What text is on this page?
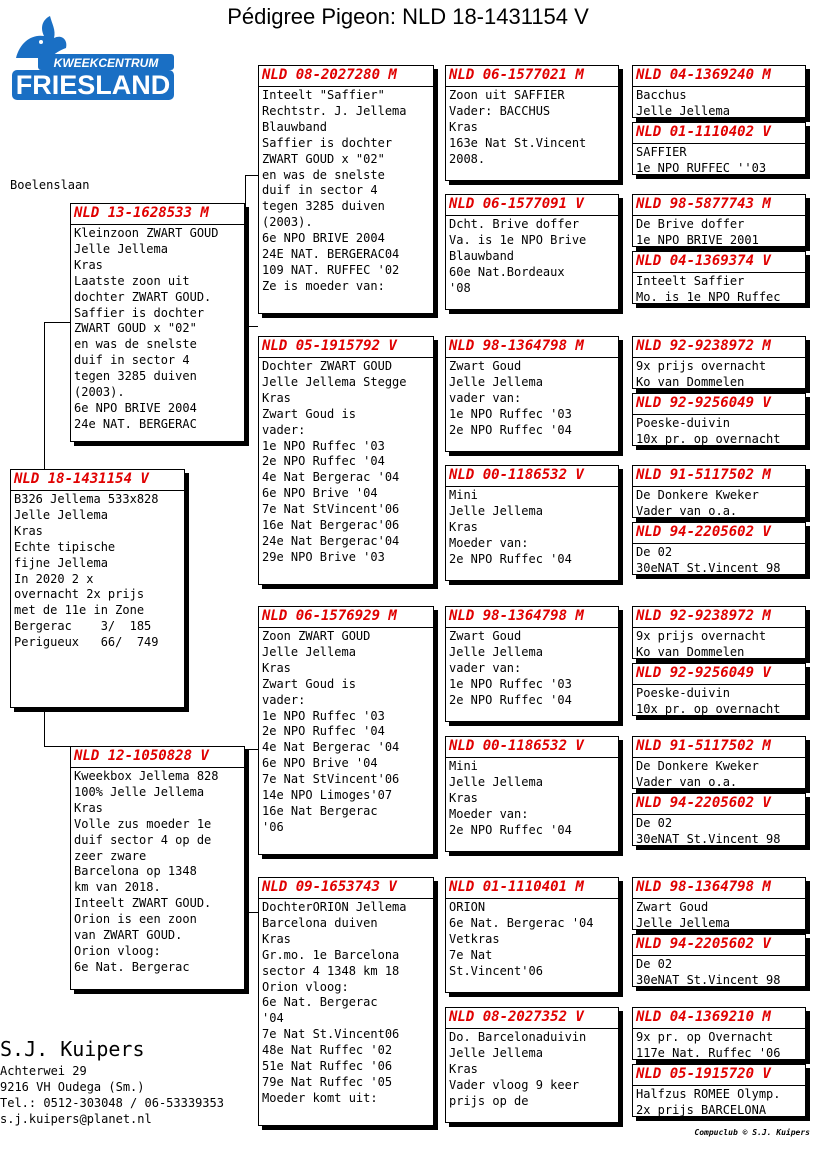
Pédigree Pigeon: NLD 18-1431154 V
KWEEKCENTRUM
FRIESLAND
Boelenslaan
NLD 18-1431154 V
B326 Jellema 533x828
Jelle Jellema
Kras
Echte tipische
fijne Jellema
In 2020 2 x
overnacht 2x prijs
met de 11e in Zone
Bergerac    3/  185
Perigueux   66/  749
NLD 13-1628533 M
Kleinzoon ZWART GOUD
Jelle Jellema
Kras
Laatste zoon uit
dochter ZWART GOUD.
Saffier is dochter
ZWART GOUD x "02"
en was de snelste
duif in sector 4
tegen 3285 duiven
(2003).
6e NPO BRIVE 2004
24e NAT. BERGERAC
NLD 12-1050828 V
Kweekbox Jellema 828
100% Jelle Jellema
Kras
Volle zus moeder 1e
duif sector 4 op de
zeer zware
Barcelona op 1348
km van 2018.
Inteelt ZWART GOUD.
Orion is een zoon
van ZWART GOUD.
Orion vloog:
6e Nat. Bergerac
NLD 08-2027280 M
Inteelt "Saffier"
Rechtstr. J. Jellema
Blauwband
Saffier is dochter
ZWART GOUD x "02"
en was de snelste
duif in sector 4
tegen 3285 duiven
(2003).
6e NPO BRIVE 2004
24E NAT. BERGERAC04
109 NAT. RUFFEC '02
Ze is moeder van:
NLD 05-1915792 V
Dochter ZWART GOUD
Jelle Jellema Stegge
Kras
Zwart Goud is
vader:
1e NPO Ruffec '03
2e NPO Ruffec '04
4e Nat Bergerac '04
6e NPO Brive '04
7e Nat StVincent'06
16e Nat Bergerac'06
24e Nat Bergerac'04
29e NPO Brive '03
NLD 06-1576929 M
Zoon ZWART GOUD
Jelle Jellema
Kras
Zwart Goud is
vader:
1e NPO Ruffec '03
2e NPO Ruffec '04
4e Nat Bergerac '04
6e NPO Brive '04
7e Nat StVincent'06
14e NPO Limoges'07
16e Nat Bergerac
'06
NLD 09-1653743 V
DochterORION Jellema
Barcelona duiven
Kras
Gr.mo. 1e Barcelona
sector 4 1348 km 18
Orion vloog:
6e Nat. Bergerac
'04
7e Nat St.Vincent06
48e Nat Ruffec '02
51e Nat Ruffec '06
79e Nat Ruffec '05
Moeder komt uit:
NLD 06-1577021 M
Zoon uit SAFFIER
Vader: BACCHUS
Kras
163e Nat St.Vincent
2008.
NLD 06-1577091 V
Dcht. Brive doffer
Va. is 1e NPO Brive
Blauwband
60e Nat.Bordeaux
'08
NLD 98-1364798 M
Zwart Goud
Jelle Jellema
vader van:
1e NPO Ruffec '03
2e NPO Ruffec '04
NLD 00-1186532 V
Mini
Jelle Jellema
Kras
Moeder van:
2e NPO Ruffec '04
NLD 98-1364798 M
Zwart Goud
Jelle Jellema
vader van:
1e NPO Ruffec '03
2e NPO Ruffec '04
NLD 00-1186532 V
Mini
Jelle Jellema
Kras
Moeder van:
2e NPO Ruffec '04
NLD 01-1110401 M
ORION
6e Nat. Bergerac '04
Vetkras
7e Nat
St.Vincent'06
NLD 08-2027352 V
Do. Barcelonaduivin
Jelle Jellema
Kras
Vader vloog 9 keer
prijs op de
NLD 04-1369240 M
Bacchus
Jelle Jellema
NLD 01-1110402 V
SAFFIER
1e NPO RUFFEC ''03
NLD 98-5877743 M
De Brive doffer
1e NPO BRIVE 2001
NLD 04-1369374 V
Inteelt Saffier
Mo. is 1e NPO Ruffec
NLD 92-9238972 M
9x prijs overnacht
Ko van Dommelen
NLD 92-9256049 V
Poeske-duivin
10x pr. op overnacht
NLD 91-5117502 M
De Donkere Kweker
Vader van o.a.
NLD 94-2205602 V
De 02
30eNAT St.Vincent 98
NLD 92-9238972 M
9x prijs overnacht
Ko van Dommelen
NLD 92-9256049 V
Poeske-duivin
10x pr. op overnacht
NLD 91-5117502 M
De Donkere Kweker
Vader van o.a.
NLD 94-2205602 V
De 02
30eNAT St.Vincent 98
NLD 98-1364798 M
Zwart Goud
Jelle Jellema
NLD 94-2205602 V
De 02
30eNAT St.Vincent 98
NLD 04-1369210 M
9x pr. op Overnacht
117e Nat. Ruffec '06
NLD 05-1915720 V
Halfzus ROMEE Olymp.
2x prijs BARCELONA
S.J. Kuipers
Achterwei 29
9216 VH Oudega (Sm.)
Tel.: 0512-303048 / 06-53339353
s.j.kuipers@planet.nl
Compuclub © S.J. Kuipers
